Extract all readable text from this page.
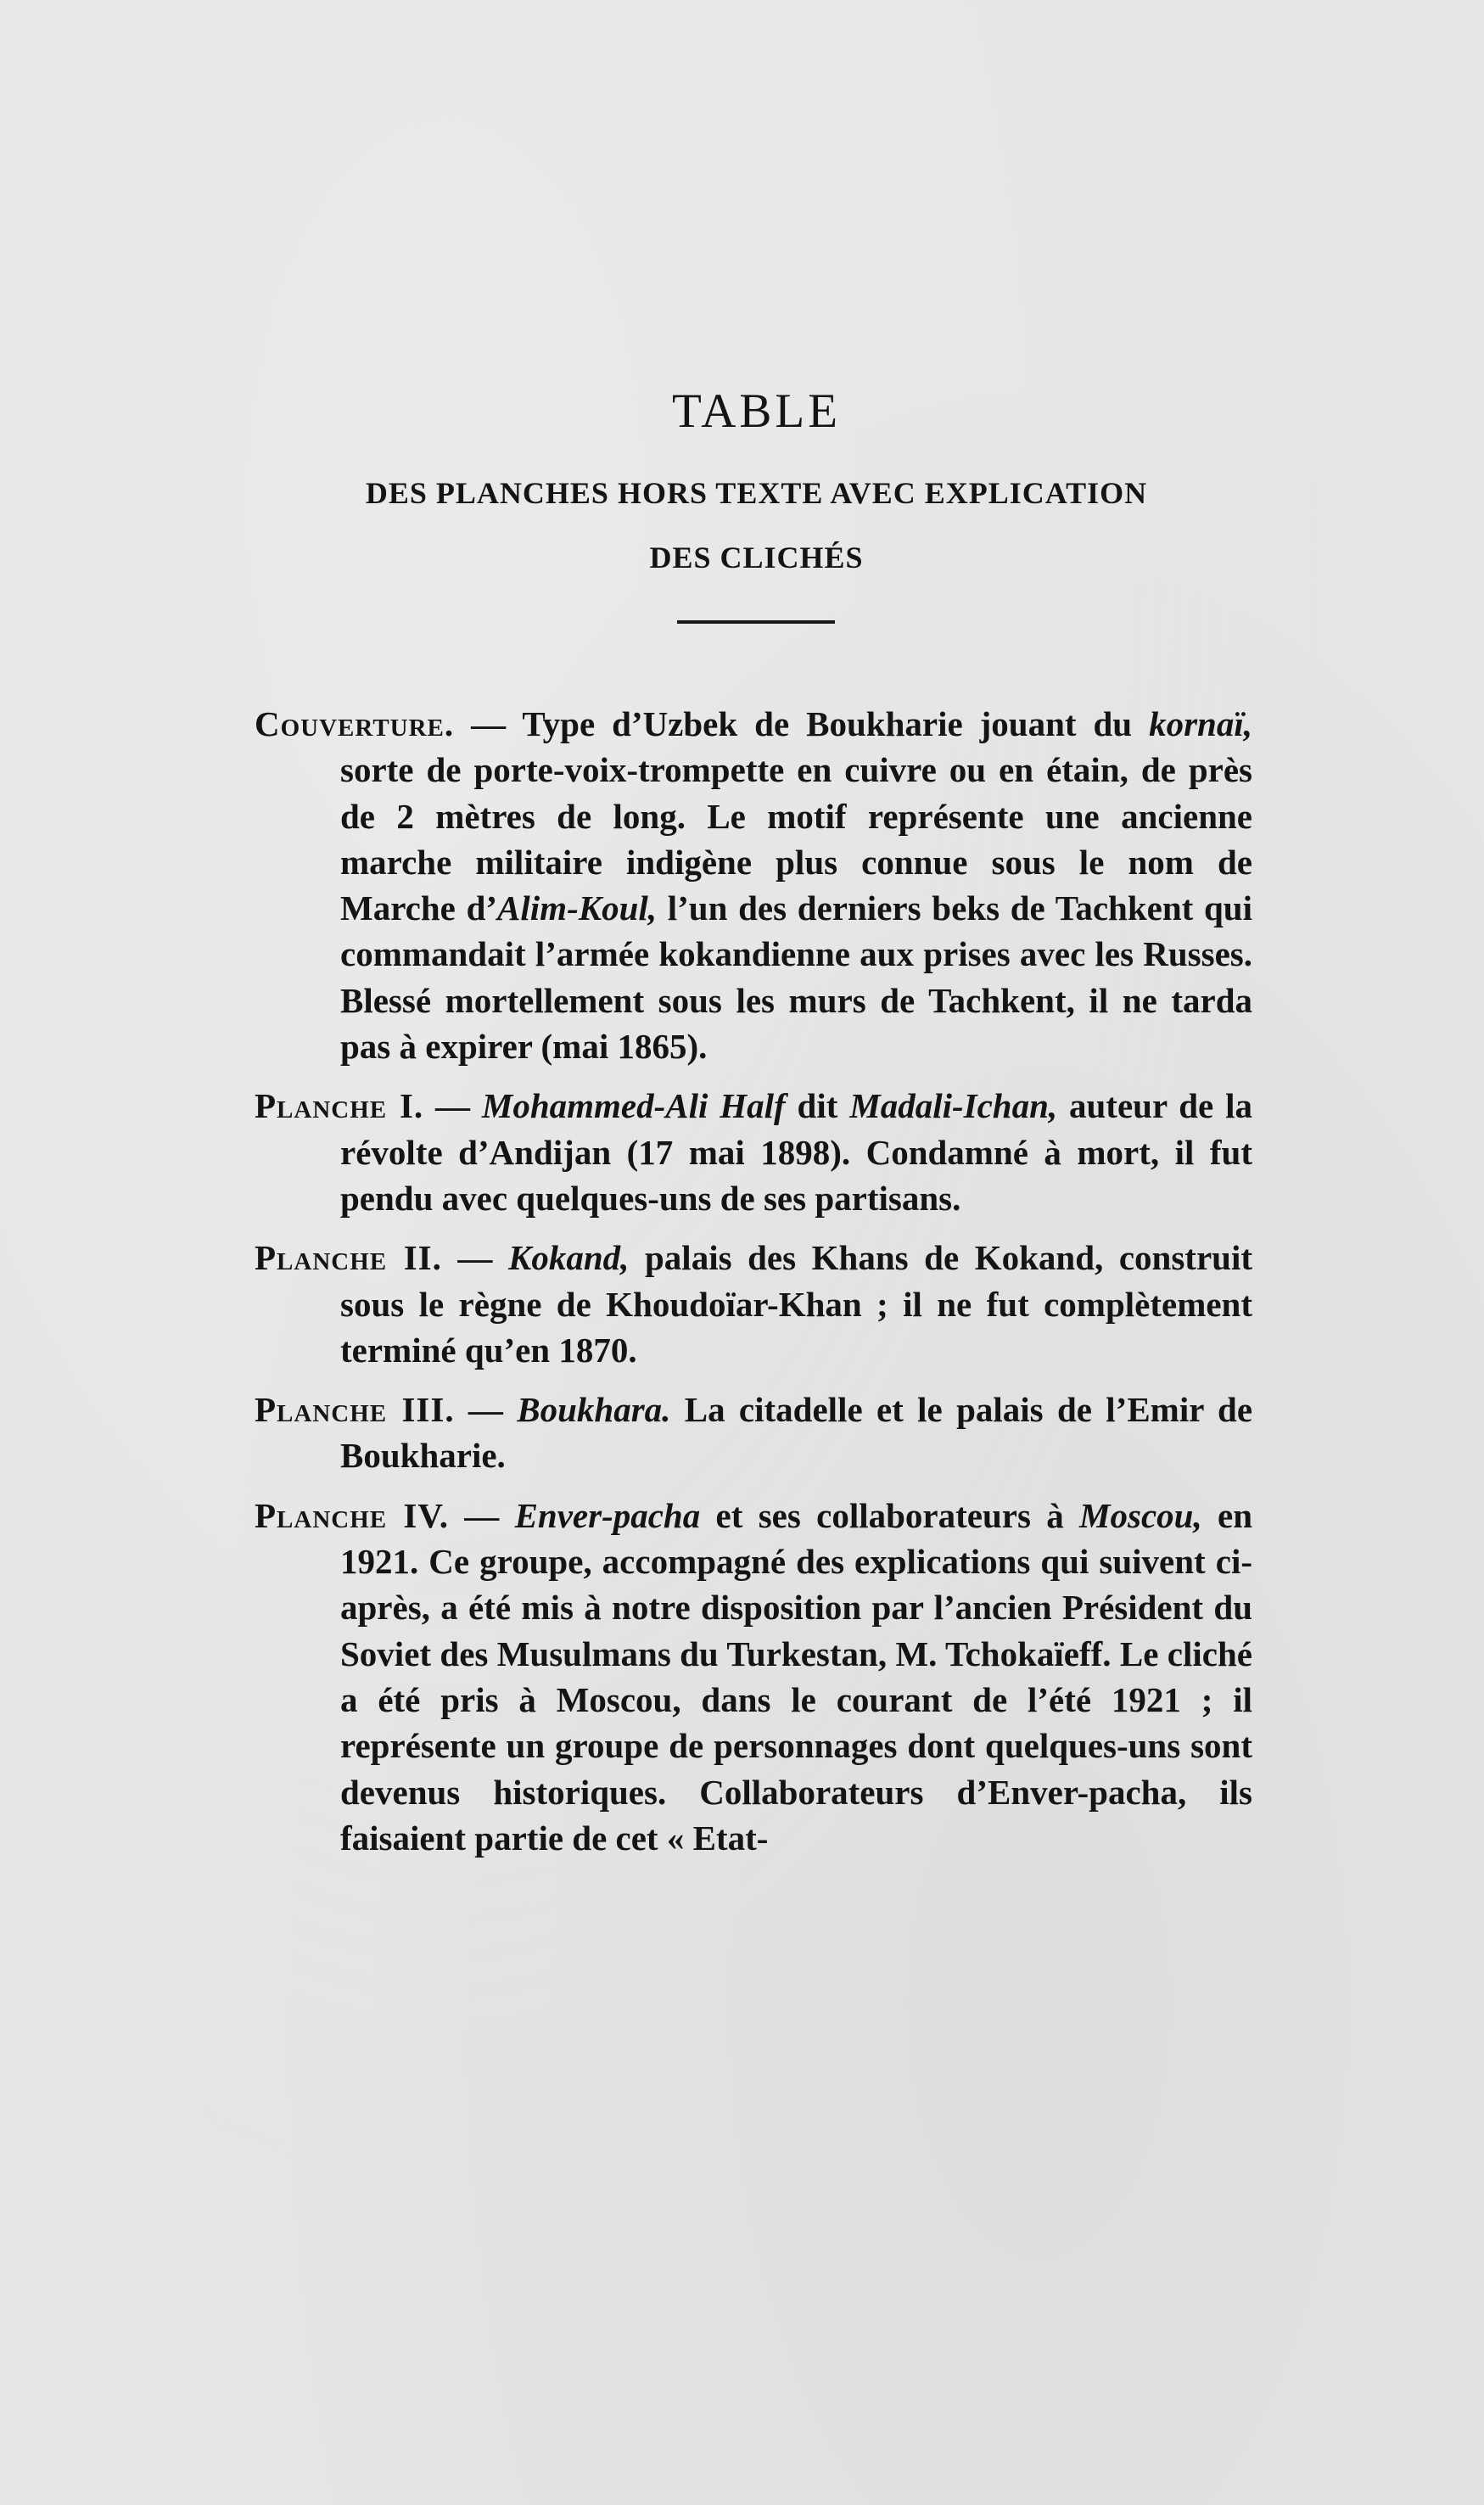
TABLE
DES PLANCHES HORS TEXTE AVEC EXPLICATION
DES CLICHÉS

Couverture. — Type d’Uzbek de Boukharie jouant du kornaï, sorte de porte-voix-trompette en cuivre ou en étain, de près de 2 mètres de long. Le motif représente une ancienne marche militaire indigène plus connue sous le nom de Marche d’Alim-Koul, l’un des derniers beks de Tachkent qui commandait l’armée kokandienne aux prises avec les Russes. Blessé mortellement sous les murs de Tachkent, il ne tarda pas à expirer (mai 1865).

Planche I. — Mohammed-Ali Half dit Madali-Ichan, auteur de la révolte d’Andijan (17 mai 1898). Condamné à mort, il fut pendu avec quelques-uns de ses partisans.

Planche II. — Kokand, palais des Khans de Kokand, construit sous le règne de Khoudoïar-Khan ; il ne fut complètement terminé qu’en 1870.

Planche III. — Boukhara. La citadelle et le palais de l’Emir de Boukharie.

Planche IV. — Enver-pacha et ses collaborateurs à Moscou, en 1921. Ce groupe, accompagné des explications qui suivent ci-après, a été mis à notre disposition par l’ancien Président du Soviet des Musulmans du Turkestan, M. Tchokaïeff. Le cliché a été pris à Moscou, dans le courant de l’été 1921 ; il représente un groupe de personnages dont quelques-uns sont devenus historiques. Collaborateurs d’Enver-pacha, ils faisaient partie de cet « Etat-
